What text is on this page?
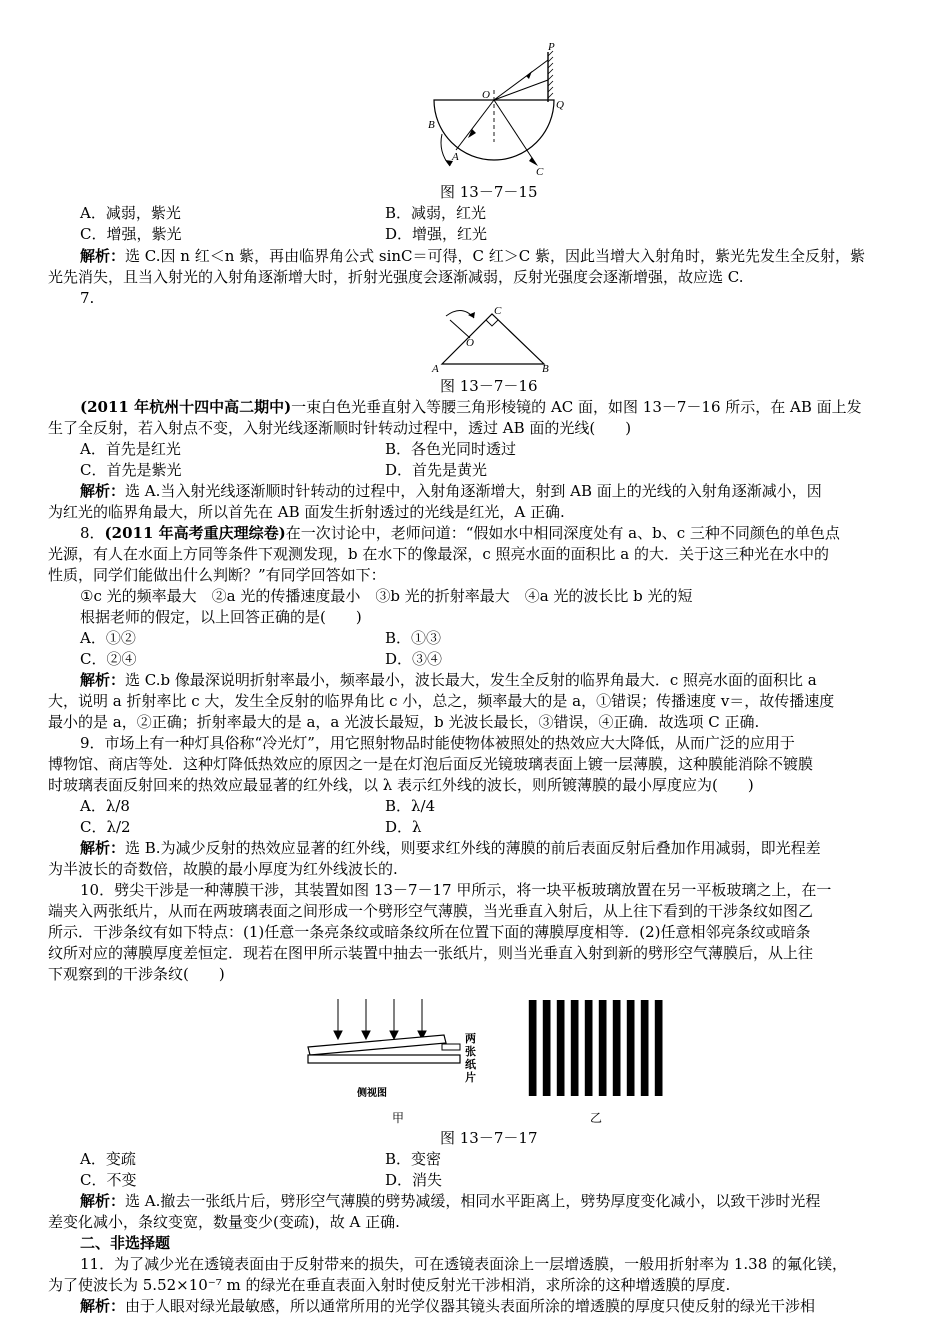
P
O
Q
B
A
C
图 13－7－15
A．减弱，紫光	B．减弱，红光
C．增强，紫光	D．增强，红光
解析：选 C.因 n 红＜n 紫，再由临界角公式 sinC＝可得，C 红＞C 紫，因此当增大入射角时，紫光先发生全反射，紫
光先消失，且当入射光的入射角逐渐增大时，折射光强度会逐渐减弱，反射光强度会逐渐增强，故应选 C.
7.
C
O
A	B
图 13－7－16
(2011 年杭州十四中高二期中)一束白色光垂直射入等腰三角形棱镜的 AC 面，如图 13－7－16 所示，在 AB 面上发
生了全反射，若入射点不变，入射光线逐渐顺时针转动过程中，透过 AB 面的光线(　　)
A．首先是红光	B．各色光同时透过
C．首先是紫光	D．首先是黄光
解析：选 A.当入射光线逐渐顺时针转动的过程中，入射角逐渐增大，射到 AB 面上的光线的入射角逐渐减小，因
为红光的临界角最大，所以首先在 AB 面发生折射透过的光线是红光，A 正确.
8．(2011 年高考重庆理综卷)在一次讨论中，老师问道：“假如水中相同深度处有 a、b、c 三种不同颜色的单色点
光源，有人在水面上方同等条件下观测发现，b 在水下的像最深，c 照亮水面的面积比 a 的大．关于这三种光在水中的
性质，同学们能做出什么判断？”有同学回答如下：
①c 光的频率最大　②a 光的传播速度最小　③b 光的折射率最大　④a 光的波长比 b 光的短
根据老师的假定，以上回答正确的是(　　)
A．①②	B．①③
C．②④	D．③④
解析：选 C.b 像最深说明折射率最小，频率最小，波长最大，发生全反射的临界角最大．c 照亮水面的面积比 a
大，说明 a 折射率比 c 大，发生全反射的临界角比 c 小，总之，频率最大的是 a，①错误；传播速度 v＝，故传播速度
最小的是 a，②正确；折射率最大的是 a，a 光波长最短，b 光波长最长，③错误，④正确．故选项 C 正确.
9．市场上有一种灯具俗称“冷光灯”，用它照射物品时能使物体被照处的热效应大大降低，从而广泛的应用于
博物馆、商店等处．这种灯降低热效应的原因之一是在灯泡后面反光镜玻璃表面上镀一层薄膜，这种膜能消除不镀膜
时玻璃表面反射回来的热效应最显著的红外线，以 λ 表示红外线的波长，则所镀薄膜的最小厚度应为(　　)
A．λ/8	B．λ/4
C．λ/2	D．λ
解析：选 B.为减少反射的热效应显著的红外线，则要求红外线的薄膜的前后表面反射后叠加作用减弱，即光程差
为半波长的奇数倍，故膜的最小厚度为红外线波长的.
10．劈尖干涉是一种薄膜干涉，其装置如图 13－7－17 甲所示，将一块平板玻璃放置在另一平板玻璃之上，在一
端夹入两张纸片，从而在两玻璃表面之间形成一个劈形空气薄膜，当光垂直入射后，从上往下看到的干涉条纹如图乙
所示．干涉条纹有如下特点：(1)任意一条亮条纹或暗条纹所在位置下面的薄膜厚度相等．(2)任意相邻亮条纹或暗条
纹所对应的薄膜厚度差恒定．现若在图甲所示装置中抽去一张纸片，则当光垂直入射到新的劈形空气薄膜后，从上往
下观察到的干涉条纹(　　)
侧视图
两张纸片
甲	乙
图 13－7－17
A．变疏	B．变密
C．不变	D．消失
解析：选 A.撤去一张纸片后，劈形空气薄膜的劈势减缓，相同水平距离上，劈势厚度变化减小，以致干涉时光程
差变化减小，条纹变宽，数量变少(变疏)，故 A 正确.
二、非选择题
11．为了减少光在透镜表面由于反射带来的损失，可在透镜表面涂上一层增透膜，一般用折射率为 1.38 的氟化镁，
为了使波长为 5.52×10⁻⁷ m 的绿光在垂直表面入射时使反射光干涉相消，求所涂的这种增透膜的厚度.
解析：由于人眼对绿光最敏感，所以通常所用的光学仪器其镜头表面所涂的增透膜的厚度只使反射的绿光干涉相
